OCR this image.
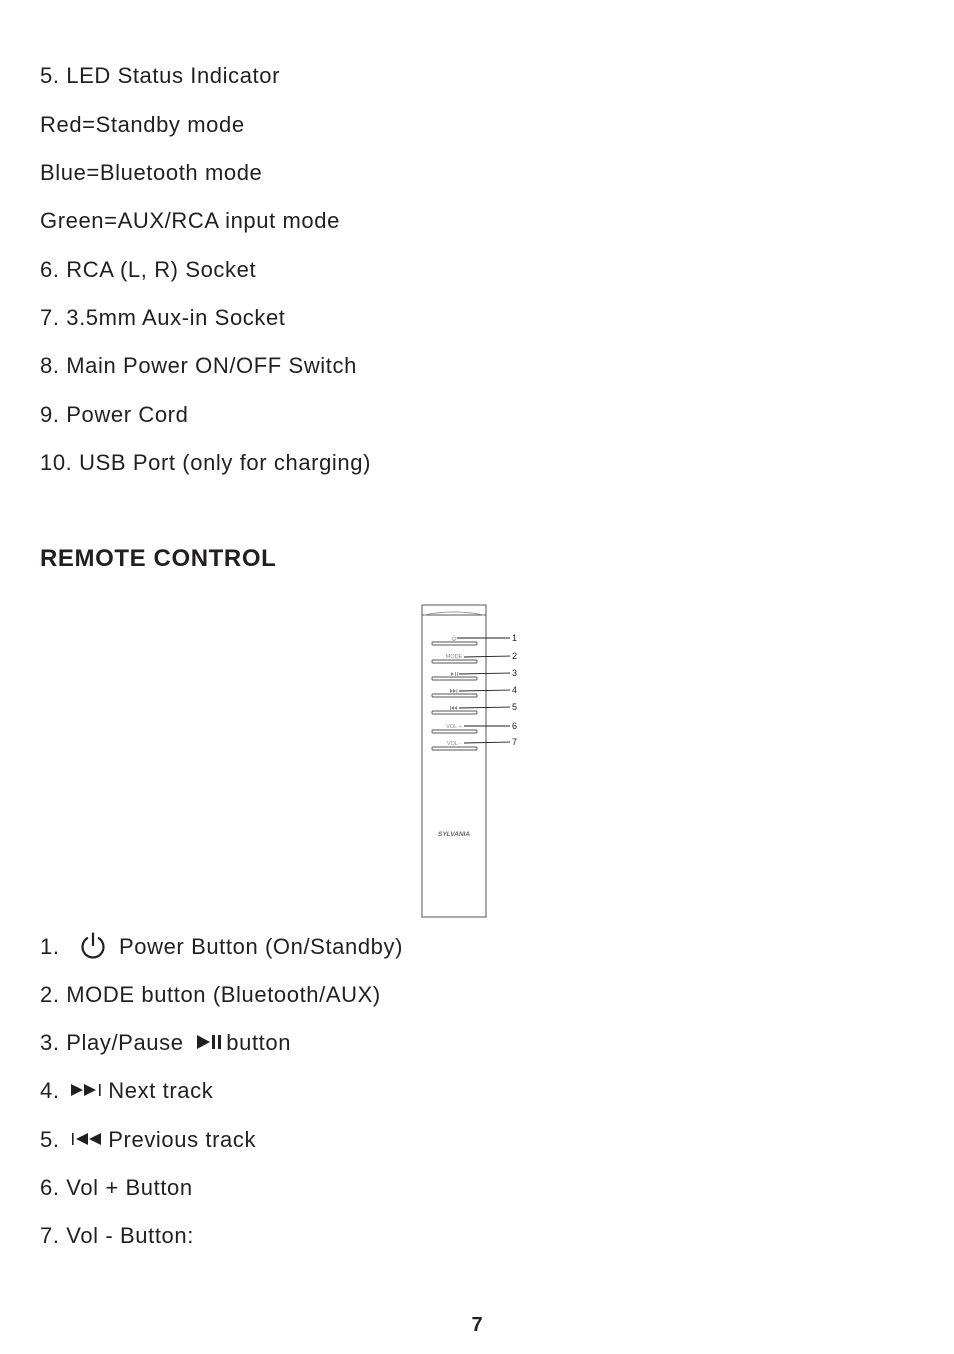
5. LED Status Indicator
Red=Standby mode
Blue=Bluetooth mode
Green=AUX/RCA input mode
6. RCA (L, R) Socket
7. 3.5mm Aux-in Socket
8. Main Power ON/OFF Switch
9. Power Cord
10. USB Port (only for charging)
REMOTE CONTROL
MODE
VOL +
VOL -
1
2
3
4
5
6
7
SYLVANIA
1.	Power Button (On/Standby)
2. MODE button (Bluetooth/AUX)
3. Play/Pause button
4. Next track
5. Previous track
6. Vol + Button
7. Vol - Button:
7
